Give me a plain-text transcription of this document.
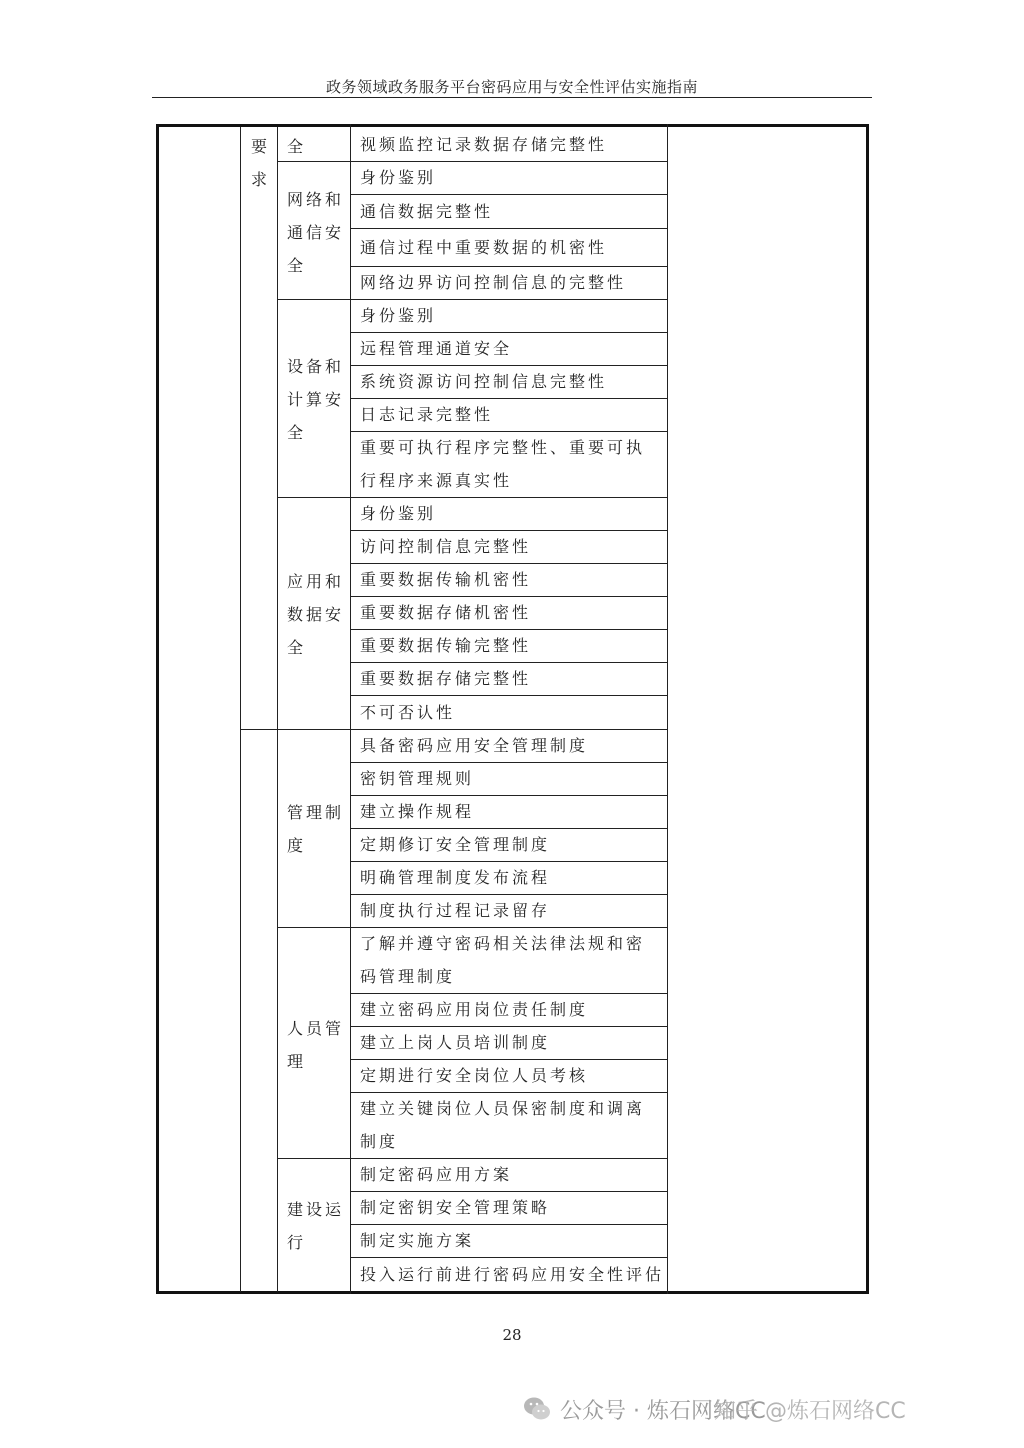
政务领域政务服务平台密码应用与安全性评估实施指南
要
求
视频监控记录数据存储完整性
全
身份鉴别
通信数据完整性
通信过程中重要数据的机密性
网络边界访问控制信息的完整性
网络和通信安全
身份鉴别
远程管理通道安全
系统资源访问控制信息完整性
日志记录完整性
重要可执行程序完整性、重要可执行程序来源真实性
设备和计算安全
身份鉴别
访问控制信息完整性
重要数据传输机密性
重要数据存储机密性
重要数据传输完整性
重要数据存储完整性
不可否认性
应用和数据安全
具备密码应用安全管理制度
密钥管理规则
建立操作规程
定期修订安全管理制度
明确管理制度发布流程
制度执行过程记录留存
管理制度
了解并遵守密码相关法律法规和密码管理制度
建立密码应用岗位责任制度
建立上岗人员培训制度
定期进行安全岗位人员考核
建立关键岗位人员保密制度和调离制度
人员管理
制定密码应用方案
制定密钥安全管理策略
制定实施方案
投入运行前进行密码应用安全性评估
建设运行
28
公众号 · 炼石网络CC
知乎 @炼石网络CC
